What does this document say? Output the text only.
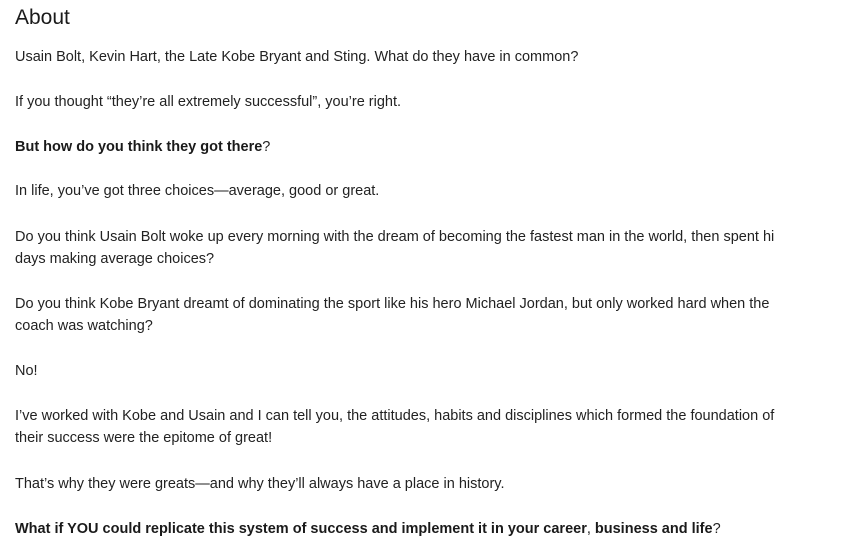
About

Usain Bolt, Kevin Hart, the Late Kobe Bryant and Sting. What do they have in common?

If you thought “they’re all extremely successful”, you’re right.

But how do you think they got there?

In life, you’ve got three choices—average, good or great.

Do you think Usain Bolt woke up every morning with the dream of becoming the fastest man in the world, then spent hi

days making average choices?

Do you think Kobe Bryant dreamt of dominating the sport like his hero Michael Jordan, but only worked hard when the

coach was watching?

No!

I’ve worked with Kobe and Usain and I can tell you, the attitudes, habits and disciplines which formed the foundation of

their success were the epitome of great!

That’s why they were greats—and why they’ll always have a place in history.

What if YOU could replicate this system of success and implement it in your career, business and life?
